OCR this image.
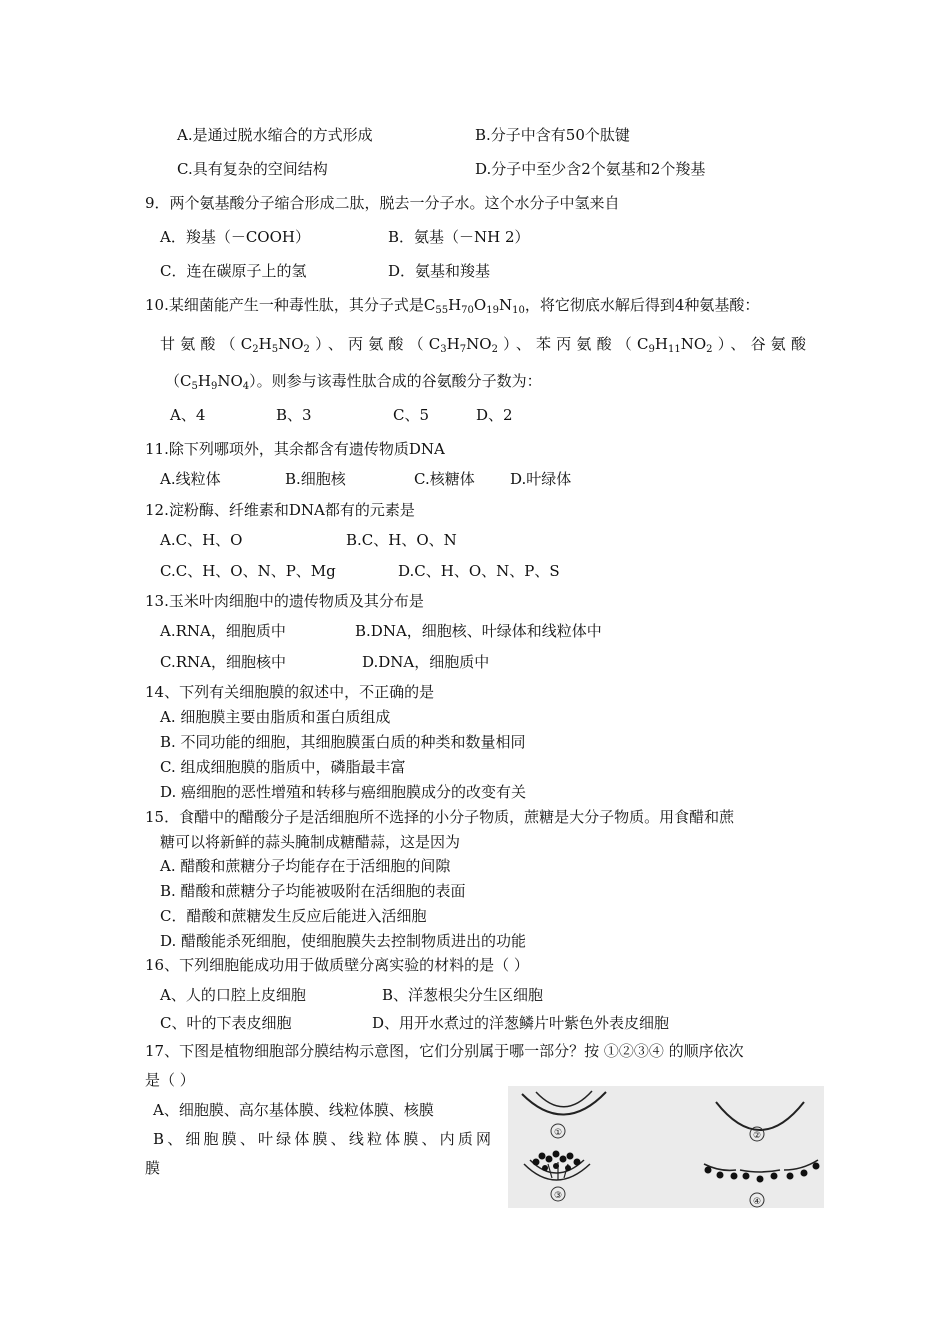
A.是通过脱水缩合的方式形成	B.分子中含有50个肽键
C.具有复杂的空间结构	D.分子中至少含2个氨基和2个羧基
9．两个氨基酸分子缩合形成二肽，脱去一分子水。这个水分子中氢来自
A．羧基（－COOH）	B．氨基（－NH 2）
C．连在碳原子上的氢	D．氨基和羧基
10.某细菌能产生一种毒性肽，其分子式是$C_{55}H_{70}O_{19}N_{10}$，将它彻底水解后得到4种氨基酸：
甘氨酸$(C_2H_5NO_2)$、丙氨酸$(C_3H_7NO_2)$、苯丙氨酸$(C_9H_{11}NO_2)$、谷氨酸
$(C_5H_9NO_4)$。则参与该毒性肽合成的谷氨酸分子数为：
A、4	B、3	C、5	D、2
11.除下列哪项外，其余都含有遗传物质DNA
A.线粒体	B.细胞核	C.核糖体 D.叶绿体
12.淀粉酶、纤维素和DNA都有的元素是
A.C、H、O	B.C、H、O、N
C.C、H、O、N、P、Mg	D.C、H、O、N、P、S
13.玉米叶肉细胞中的遗传物质及其分布是
A.RNA，细胞质中	B.DNA，细胞核、叶绿体和线粒体中
C.RNA，细胞核中	D.DNA，细胞质中
14、下列有关细胞膜的叙述中，不正确的是
A. 细胞膜主要由脂质和蛋白质组成
B. 不同功能的细胞，其细胞膜蛋白质的种类和数量相同
C. 组成细胞膜的脂质中，磷脂最丰富
D. 癌细胞的恶性增殖和转移与癌细胞膜成分的改变有关
15．食醋中的醋酸分子是活细胞所不选择的小分子物质，蔗糖是大分子物质。用食醋和蔗
糖可以将新鲜的蒜头腌制成糖醋蒜，这是因为
A. 醋酸和蔗糖分子均能存在于活细胞的间隙
B. 醋酸和蔗糖分子均能被吸附在活细胞的表面
C．醋酸和蔗糖发生反应后能进入活细胞
D. 醋酸能杀死细胞，使细胞膜失去控制物质进出的功能
16、下列细胞能成功用于做质壁分离实验的材料的是（ ）
A、人的口腔上皮细胞	B、洋葱根尖分生区细胞
C、叶的下表皮细胞	D、用开水煮过的洋葱鳞片叶紫色外表皮细胞
17、下图是植物细胞部分膜结构示意图，它们分别属于哪一部分？按 ①②③④ 的顺序依次
是（ ）
A、细胞膜、高尔基体膜、线粒体膜、核膜
B、细胞膜、叶绿体膜、线粒体膜、内质网
膜
①	②
③
④
